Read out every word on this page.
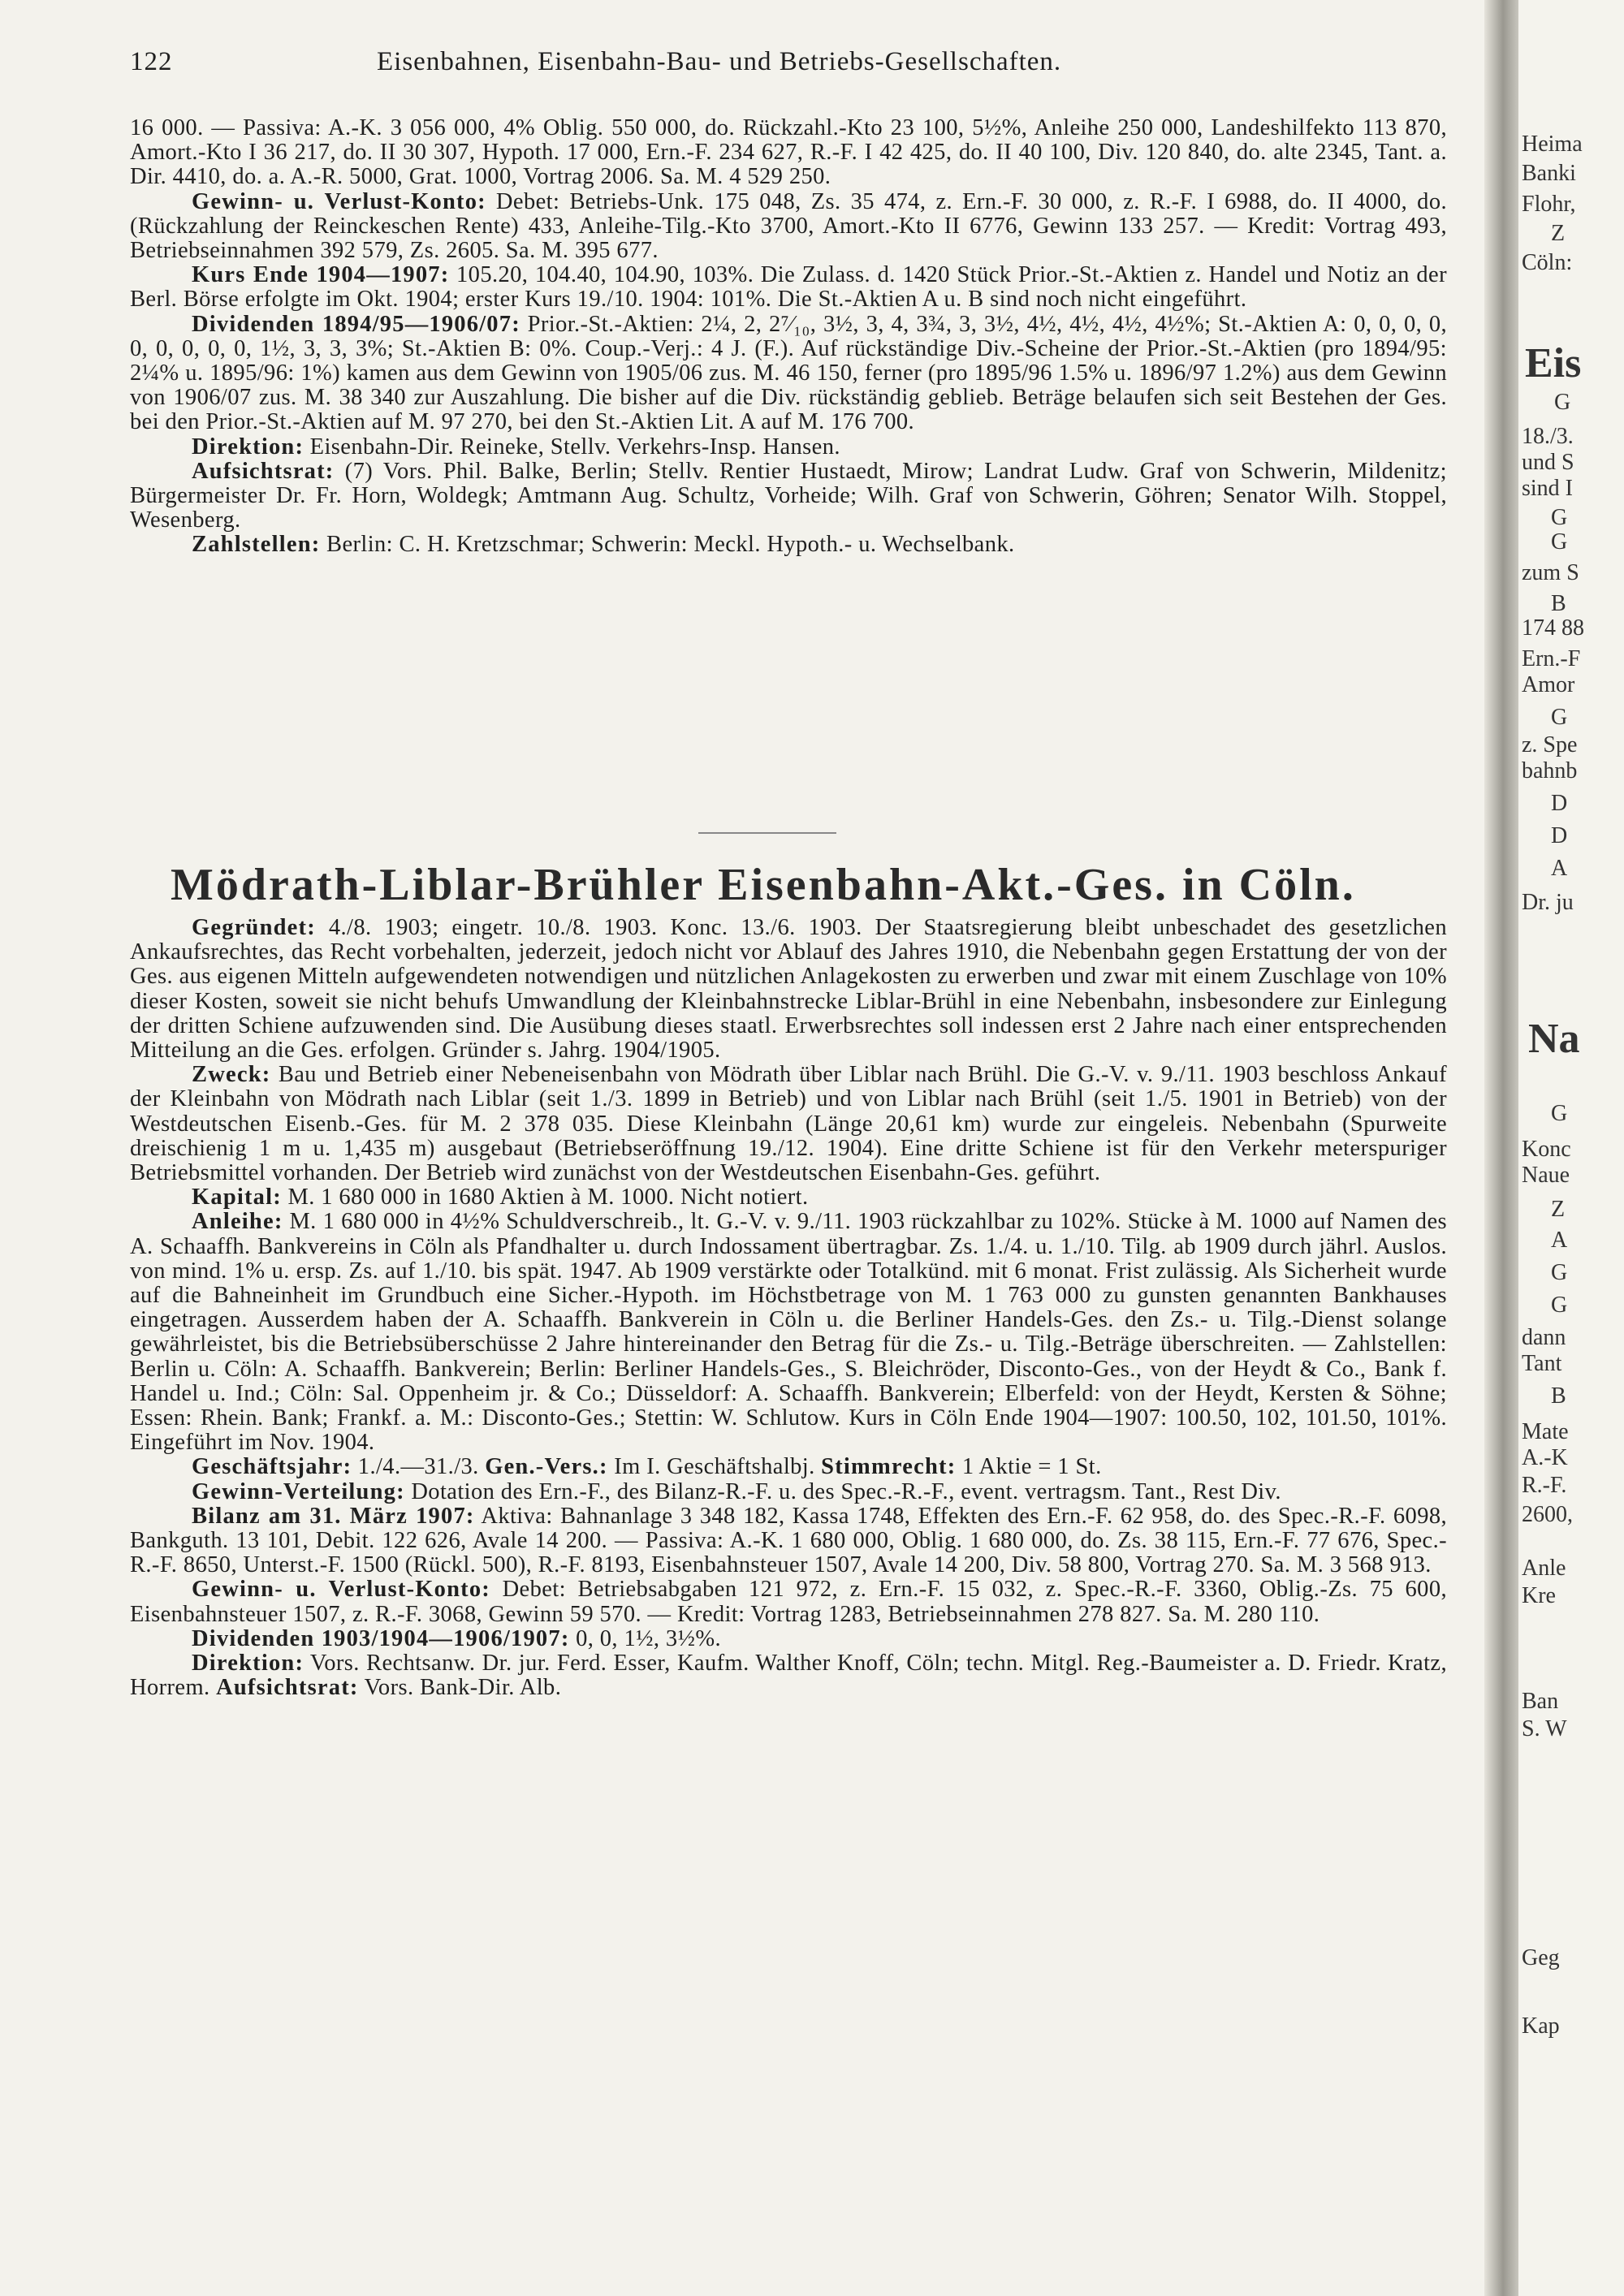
122	Eisenbahnen, Eisenbahn-Bau- und Betriebs-Gesellschaften.

16 000. — Passiva: A.-K. 3 056 000, 4% Oblig. 550 000, do. Rückzahl.-Kto 23 100, 5½%, Anleihe 250 000, Landeshilfekto 113 870, Amort.-Kto I 36 217, do. II 30 307, Hypoth. 17 000, Ern.-F. 234 627, R.-F. I 42 425, do. II 40 100, Div. 120 840, do. alte 2345, Tant. a. Dir. 4410, do. a. A.-R. 5000, Grat. 1000, Vortrag 2006. Sa. M. 4 529 250.

Gewinn- u. Verlust-Konto: Debet: Betriebs-Unk. 175 048, Zs. 35 474, z. Ern.-F. 30 000, z. R.-F. I 6988, do. II 4000, do. (Rückzahlung der Reinckeschen Rente) 433, Anleihe-Tilg.-Kto 3700, Amort.-Kto II 6776, Gewinn 133 257. — Kredit: Vortrag 493, Betriebseinnahmen 392 579, Zs. 2605. Sa. M. 395 677.

Kurs Ende 1904—1907: 105.20, 104.40, 104.90, 103%. Die Zulass. d. 1420 Stück Prior.-St.-Aktien z. Handel und Notiz an der Berl. Börse erfolgte im Okt. 1904; erster Kurs 19./10. 1904: 101%. Die St.-Aktien A u. B sind noch nicht eingeführt.

Dividenden 1894/95—1906/07: Prior.-St.-Aktien: 2¼, 2, 2⁷⁄₁₀, 3½, 3, 4, 3¾, 3, 3½, 4½, 4½, 4½, 4½%; St.-Aktien A: 0, 0, 0, 0, 0, 0, 0, 0, 0, 1½, 3, 3, 3%; St.-Aktien B: 0%. Coup.-Verj.: 4 J. (F.). Auf rückständige Div.-Scheine der Prior.-St.-Aktien (pro 1894/95: 2¼% u. 1895/96: 1%) kamen aus dem Gewinn von 1905/06 zus. M. 46 150, ferner (pro 1895/96 1.5% u. 1896/97 1.2%) aus dem Gewinn von 1906/07 zus. M. 38 340 zur Auszahlung. Die bisher auf die Div. rückständig geblieb. Beträge belaufen sich seit Bestehen der Ges. bei den Prior.-St.-Aktien auf M. 97 270, bei den St.-Aktien Lit. A auf M. 176 700.

Direktion: Eisenbahn-Dir. Reineke, Stellv. Verkehrs-Insp. Hansen.

Aufsichtsrat: (7) Vors. Phil. Balke, Berlin; Stellv. Rentier Hustaedt, Mirow; Landrat Ludw. Graf von Schwerin, Mildenitz; Bürgermeister Dr. Fr. Horn, Woldegk; Amtmann Aug. Schultz, Vorheide; Wilh. Graf von Schwerin, Göhren; Senator Wilh. Stoppel, Wesenberg.

Zahlstellen: Berlin: C. H. Kretzschmar; Schwerin: Meckl. Hypoth.- u. Wechselbank.

Mödrath-Liblar-Brühler Eisenbahn-Akt.-Ges. in Cöln.

Gegründet: 4./8. 1903; eingetr. 10./8. 1903. Konc. 13./6. 1903. Der Staatsregierung bleibt unbeschadet des gesetzlichen Ankaufsrechtes, das Recht vorbehalten, jederzeit, jedoch nicht vor Ablauf des Jahres 1910, die Nebenbahn gegen Erstattung der von der Ges. aus eigenen Mitteln aufgewendeten notwendigen und nützlichen Anlagekosten zu erwerben und zwar mit einem Zuschlage von 10% dieser Kosten, soweit sie nicht behufs Umwandlung der Kleinbahnstrecke Liblar-Brühl in eine Nebenbahn, insbesondere zur Einlegung der dritten Schiene aufzuwenden sind. Die Ausübung dieses staatl. Erwerbsrechtes soll indessen erst 2 Jahre nach einer entsprechenden Mitteilung an die Ges. erfolgen. Gründer s. Jahrg. 1904/1905.

Zweck: Bau und Betrieb einer Nebeneisenbahn von Mödrath über Liblar nach Brühl. Die G.-V. v. 9./11. 1903 beschloss Ankauf der Kleinbahn von Mödrath nach Liblar (seit 1./3. 1899 in Betrieb) und von Liblar nach Brühl (seit 1./5. 1901 in Betrieb) von der Westdeutschen Eisenb.-Ges. für M. 2 378 035. Diese Kleinbahn (Länge 20,61 km) wurde zur eingeleis. Nebenbahn (Spurweite dreischienig 1 m u. 1,435 m) ausgebaut (Betriebseröffnung 19./12. 1904). Eine dritte Schiene ist für den Verkehr meterspuriger Betriebsmittel vorhanden. Der Betrieb wird zunächst von der Westdeutschen Eisenbahn-Ges. geführt.

Kapital: M. 1 680 000 in 1680 Aktien à M. 1000. Nicht notiert.

Anleihe: M. 1 680 000 in 4½% Schuldverschreib., lt. G.-V. v. 9./11. 1903 rückzahlbar zu 102%. Stücke à M. 1000 auf Namen des A. Schaaffh. Bankvereins in Cöln als Pfandhalter u. durch Indossament übertragbar. Zs. 1./4. u. 1./10. Tilg. ab 1909 durch jährl. Auslos. von mind. 1% u. ersp. Zs. auf 1./10. bis spät. 1947. Ab 1909 verstärkte oder Totalkünd. mit 6 monat. Frist zulässig. Als Sicherheit wurde auf die Bahneinheit im Grundbuch eine Sicher.-Hypoth. im Höchstbetrage von M. 1 763 000 zu gunsten genannten Bankhauses eingetragen. Ausserdem haben der A. Schaaffh. Bankverein in Cöln u. die Berliner Handels-Ges. den Zs.- u. Tilg.-Dienst solange gewährleistet, bis die Betriebsüberschüsse 2 Jahre hintereinander den Betrag für die Zs.- u. Tilg.-Beträge überschreiten. — Zahlstellen: Berlin u. Cöln: A. Schaaffh. Bankverein; Berlin: Berliner Handels-Ges., S. Bleichröder, Disconto-Ges., von der Heydt & Co., Bank f. Handel u. Ind.; Cöln: Sal. Oppenheim jr. & Co.; Düsseldorf: A. Schaaffh. Bankverein; Elberfeld: von der Heydt, Kersten & Söhne; Essen: Rhein. Bank; Frankf. a. M.: Disconto-Ges.; Stettin: W. Schlutow. Kurs in Cöln Ende 1904—1907: 100.50, 102, 101.50, 101%. Eingeführt im Nov. 1904.

Geschäftsjahr: 1./4.—31./3. Gen.-Vers.: Im I. Geschäftshalbj. Stimmrecht: 1 Aktie = 1 St.

Gewinn-Verteilung: Dotation des Ern.-F., des Bilanz-R.-F. u. des Spec.-R.-F., event. vertragsm. Tant., Rest Div.

Bilanz am 31. März 1907: Aktiva: Bahnanlage 3 348 182, Kassa 1748, Effekten des Ern.-F. 62 958, do. des Spec.-R.-F. 6098, Bankguth. 13 101, Debit. 122 626, Avale 14 200. — Passiva: A.-K. 1 680 000, Oblig. 1 680 000, do. Zs. 38 115, Ern.-F. 77 676, Spec.-R.-F. 8650, Unterst.-F. 1500 (Rückl. 500), R.-F. 8193, Eisenbahnsteuer 1507, Avale 14 200, Div. 58 800, Vortrag 270. Sa. M. 3 568 913.

Gewinn- u. Verlust-Konto: Debet: Betriebsabgaben 121 972, z. Ern.-F. 15 032, z. Spec.-R.-F. 3360, Oblig.-Zs. 75 600, Eisenbahnsteuer 1507, z. R.-F. 3068, Gewinn 59 570. — Kredit: Vortrag 1283, Betriebseinnahmen 278 827. Sa. M. 280 110.

Dividenden 1903/1904—1906/1907: 0, 0, 1½, 3½%.

Direktion: Vors. Rechtsanw. Dr. jur. Ferd. Esser, Kaufm. Walther Knoff, Cöln; techn. Mitgl. Reg.-Baumeister a. D. Friedr. Kratz, Horrem. Aufsichtsrat: Vors. Bank-Dir. Alb.

Heima
Banki
Flohr,
Z
Cöln:
Eis
G
18./3.
und S
sind I
G
G
zum S
B
174 88
Ern.-F
Amor
G
z. Spe
bahnb
D
D
A
Dr. ju
Na
G
Konc
Naue
Z
A
G
G
dann
Tant
B
Mate
A.-K
R.-F.
2600,
Anle
Kre
Ban
S. W
Geg
Kap
